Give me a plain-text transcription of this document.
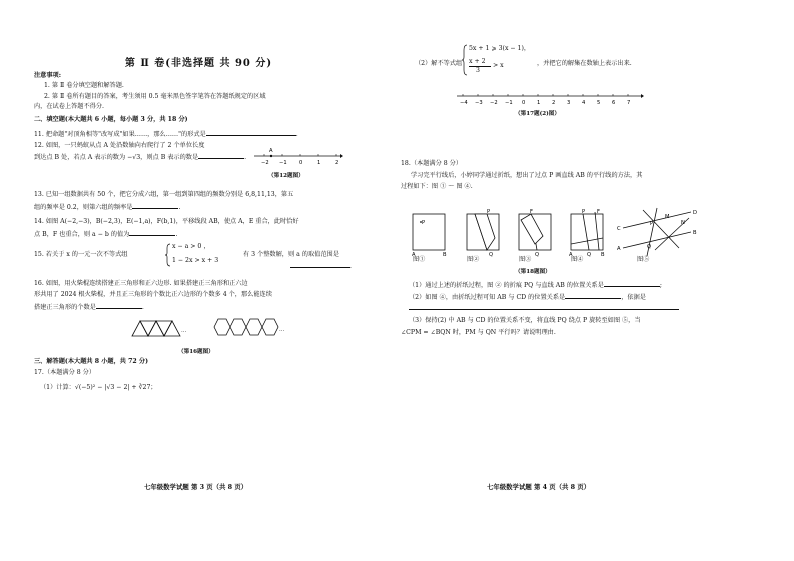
第 Ⅱ 卷(非选择题 共 90 分)
注意事项:
1. 第 Ⅱ 卷分填空题和解答题.
2. 第 Ⅱ 卷所有题目的答案，考生须用 0.5 毫米黑色签字笔答在答题纸规定的区域
内，在试卷上答题不得分.
二、填空题(本大题共 6 小题，每小题 3 分，共 18 分)
11. 把命题"对顶角相等"改写成"如果……，那么……"的形式是	.
12. 如图，一只蚂蚁从点 A 处沿数轴向右爬行了 2 个单位长度
到达点 B 处，若点 A 表示的数为 −√3，则点 B 表示的数是	.
A
−2 −1 0	1	2
（第12题图）
13. 已知一组数据共有 50 个，把它分成六组，第一组到第四组的频数分别是 6,8,11,13，第五
组的频率是 0.2，则第六组的频率是	.
14. 如图 A(−2,−3)，B(−2,3)，E(−1,a)，F(b,1)，平移线段 AB，使点 A，E 重合，此时恰好
点 B，F 也重合，则 a − b 的值为	.
15. 若关于 x 的一元一次不等式组
x − a > 0 ，
1 − 2x > x + 3
有 3 个整数解，则 a 的取值范围是
.
16. 如图，用火柴棍连续搭建正三角形和正六边形. 如果搭建正三角形和正六边
形共用了 2024 根火柴棍，并且正三角形的个数比正六边形的个数多 4 个，那么能连续
搭建正三角形的个数是	.
…	…
（第16题图）
三、解答题(本大题共 8 小题，共 72 分)
17.（本题满分 8 分）
（1）计算：√(−5)² − |√3 − 2| + ∛27；
七年级数学试题 第 3 页（共 8 页）
（2）解不等式组
5x + 1 ⩾ 3(x − 1)，
x + 2
3
> x	，并把它的解集在数轴上表示出来.
−4 −3 −2 −1 0 1 2 3 4 5 6 7
（第17题(2)图）
18.（本题满分 8 分）
学习完平行线后，小婷同学通过折纸，想出了过点 P 画直线 AB 的平行线的方法，其
过程如下：图 ① ～ 图 ④.
P
A	B
P
Q
F
Q
P F
A	Q B
C
A
D
B
P
Q
M
N
图①	图②	图③	图④	图⑤
（第18题图）
（1）通过上述的折纸过程，图 ② 的折痕 PQ 与直线 AB 的位置关系是	;
（2）如图 ④，由折纸过程可知 AB 与 CD 的位置关系是	，依据是
（3）保持(2) 中 AB 与 CD 的位置关系不变，将直线 PQ 绕点 P 旋转至如图 ⑤，当
∠CPM = ∠BQN 时，PM 与 QN 平行吗？请说明理由.
七年级数学试题 第 4 页（共 8 页）
